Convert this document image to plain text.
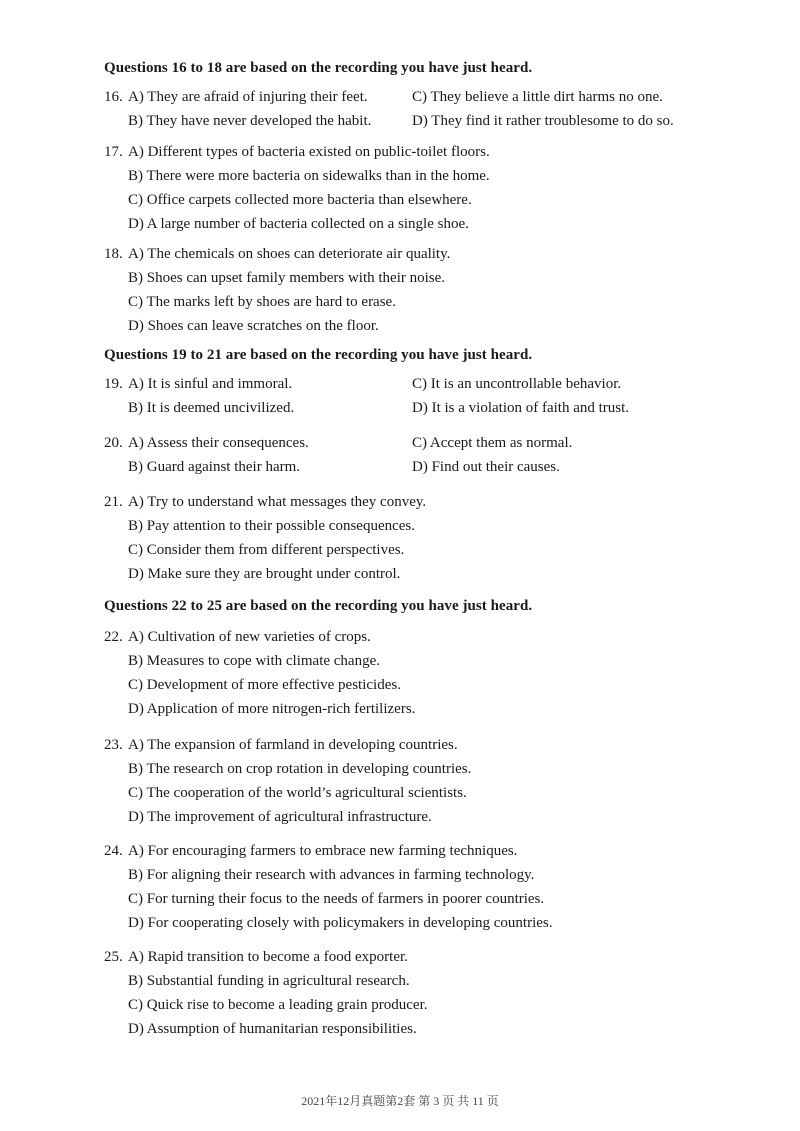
Questions 16 to 18 are based on the recording you have just heard.
16. A) They are afraid of injuring their feet.	C) They believe a little dirt harms no one.
B) They have never developed the habit.	D) They find it rather troublesome to do so.
17. A) Different types of bacteria existed on public-toilet floors.
B) There were more bacteria on sidewalks than in the home.
C) Office carpets collected more bacteria than elsewhere.
D) A large number of bacteria collected on a single shoe.
18. A) The chemicals on shoes can deteriorate air quality.
B) Shoes can upset family members with their noise.
C) The marks left by shoes are hard to erase.
D) Shoes can leave scratches on the floor.
Questions 19 to 21 are based on the recording you have just heard.
19. A) It is sinful and immoral.	C) It is an uncontrollable behavior.
B) It is deemed uncivilized.	D) It is a violation of faith and trust.
20. A) Assess their consequences.	C) Accept them as normal.
B) Guard against their harm.	D) Find out their causes.
21. A) Try to understand what messages they convey.
B) Pay attention to their possible consequences.
C) Consider them from different perspectives.
D) Make sure they are brought under control.
Questions 22 to 25 are based on the recording you have just heard.
22. A) Cultivation of new varieties of crops.
B) Measures to cope with climate change.
C) Development of more effective pesticides.
D) Application of more nitrogen-rich fertilizers.
23. A) The expansion of farmland in developing countries.
B) The research on crop rotation in developing countries.
C) The cooperation of the world’s agricultural scientists.
D) The improvement of agricultural infrastructure.
24. A) For encouraging farmers to embrace new farming techniques.
B) For aligning their research with advances in farming technology.
C) For turning their focus to the needs of farmers in poorer countries.
D) For cooperating closely with policymakers in developing countries.
25. A) Rapid transition to become a food exporter.
B) Substantial funding in agricultural research.
C) Quick rise to become a leading grain producer.
D) Assumption of humanitarian responsibilities.
2021年12月真题第2套 第 3 页 共 11 页
